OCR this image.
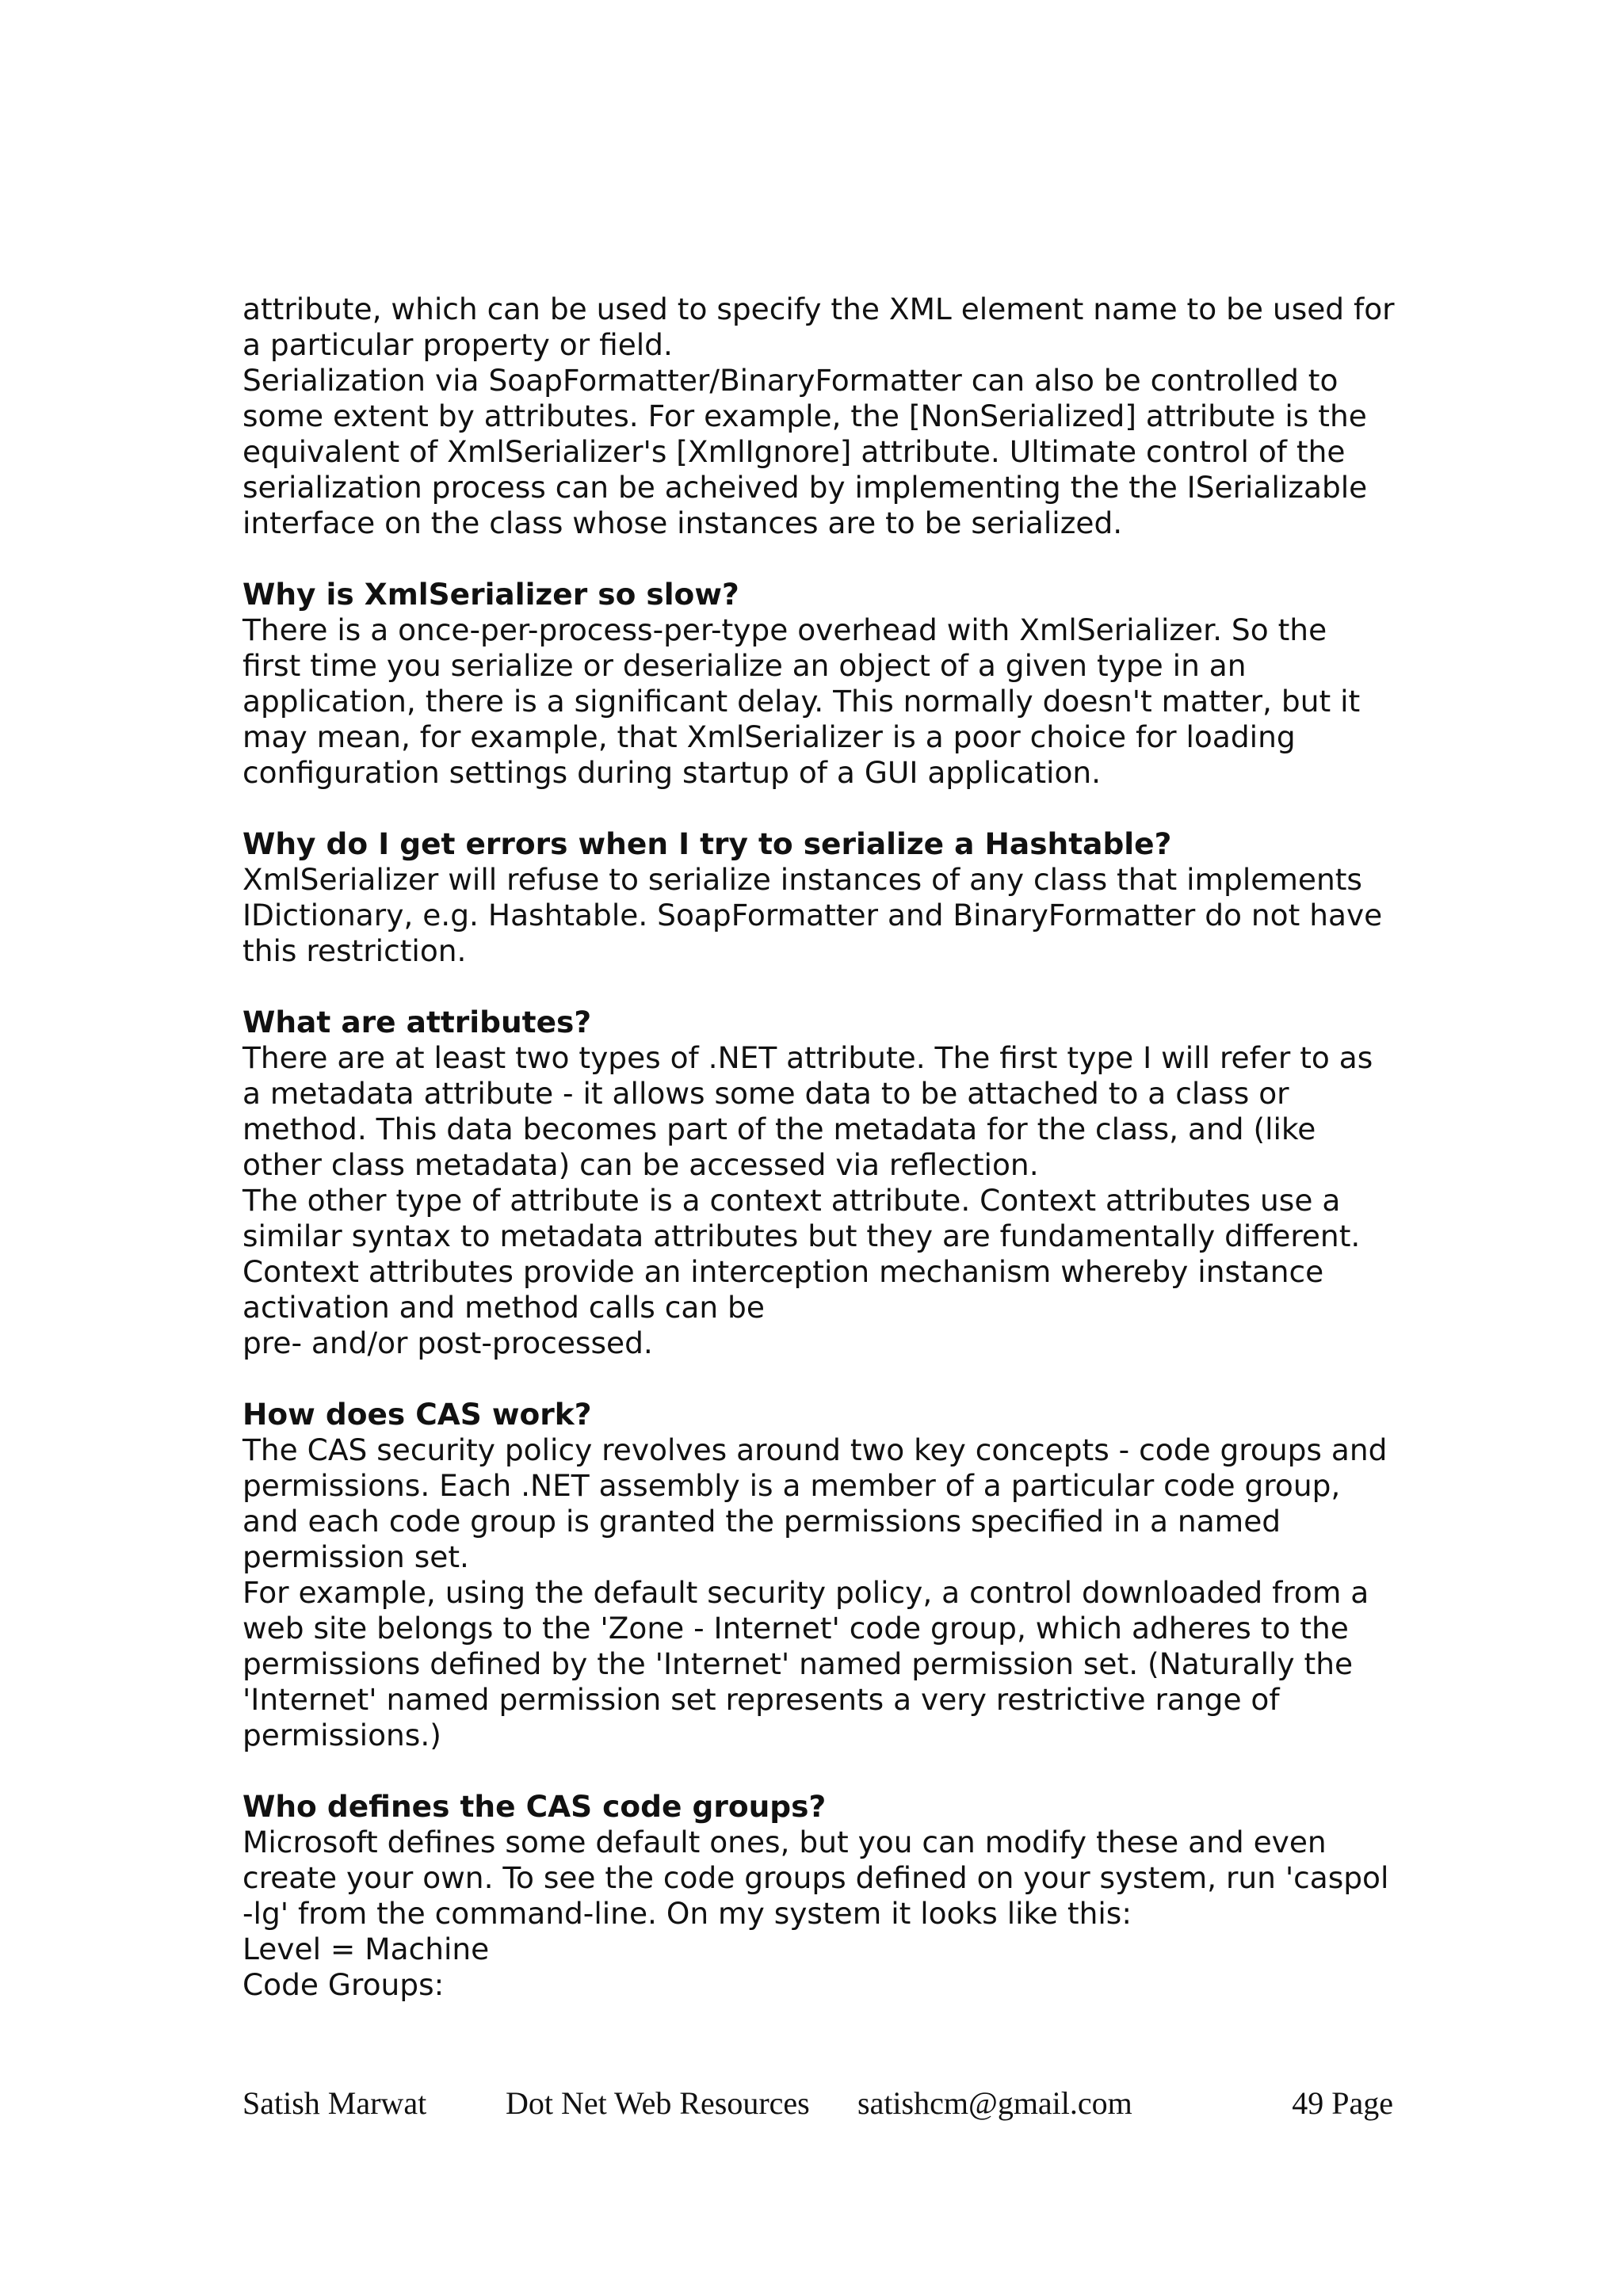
attribute, which can be used to specify the XML element name to be used for
a particular property or field.
Serialization via SoapFormatter/BinaryFormatter can also be controlled to
some extent by attributes. For example, the [NonSerialized] attribute is the
equivalent of XmlSerializer's [XmlIgnore] attribute. Ultimate control of the
serialization process can be acheived by implementing the the ISerializable
interface on the class whose instances are to be serialized.
Why is XmlSerializer so slow?
There is a once-per-process-per-type overhead with XmlSerializer. So the
first time you serialize or deserialize an object of a given type in an
application, there is a significant delay. This normally doesn't matter, but it
may mean, for example, that XmlSerializer is a poor choice for loading
configuration settings during startup of a GUI application.
Why do I get errors when I try to serialize a Hashtable?
XmlSerializer will refuse to serialize instances of any class that implements
IDictionary, e.g. Hashtable. SoapFormatter and BinaryFormatter do not have
this restriction.
What are attributes?
There are at least two types of .NET attribute. The first type I will refer to as
a metadata attribute - it allows some data to be attached to a class or
method. This data becomes part of the metadata for the class, and (like
other class metadata) can be accessed via reflection.
The other type of attribute is a context attribute. Context attributes use a
similar syntax to metadata attributes but they are fundamentally different.
Context attributes provide an interception mechanism whereby instance
activation and method calls can be
pre- and/or post-processed.
How does CAS work?
The CAS security policy revolves around two key concepts - code groups and
permissions. Each .NET assembly is a member of a particular code group,
and each code group is granted the permissions specified in a named
permission set.
For example, using the default security policy, a control downloaded from a
web site belongs to the 'Zone - Internet' code group, which adheres to the
permissions defined by the 'Internet' named permission set. (Naturally the
'Internet' named permission set represents a very restrictive range of
permissions.)
Who defines the CAS code groups?
Microsoft defines some default ones, but you can modify these and even
create your own. To see the code groups defined on your system, run 'caspol
-lg' from the command-line. On my system it looks like this:
Level = Machine
Code Groups:
Satish Marwat Dot Net Web Resources satishcm@gmail.com	49 Page
